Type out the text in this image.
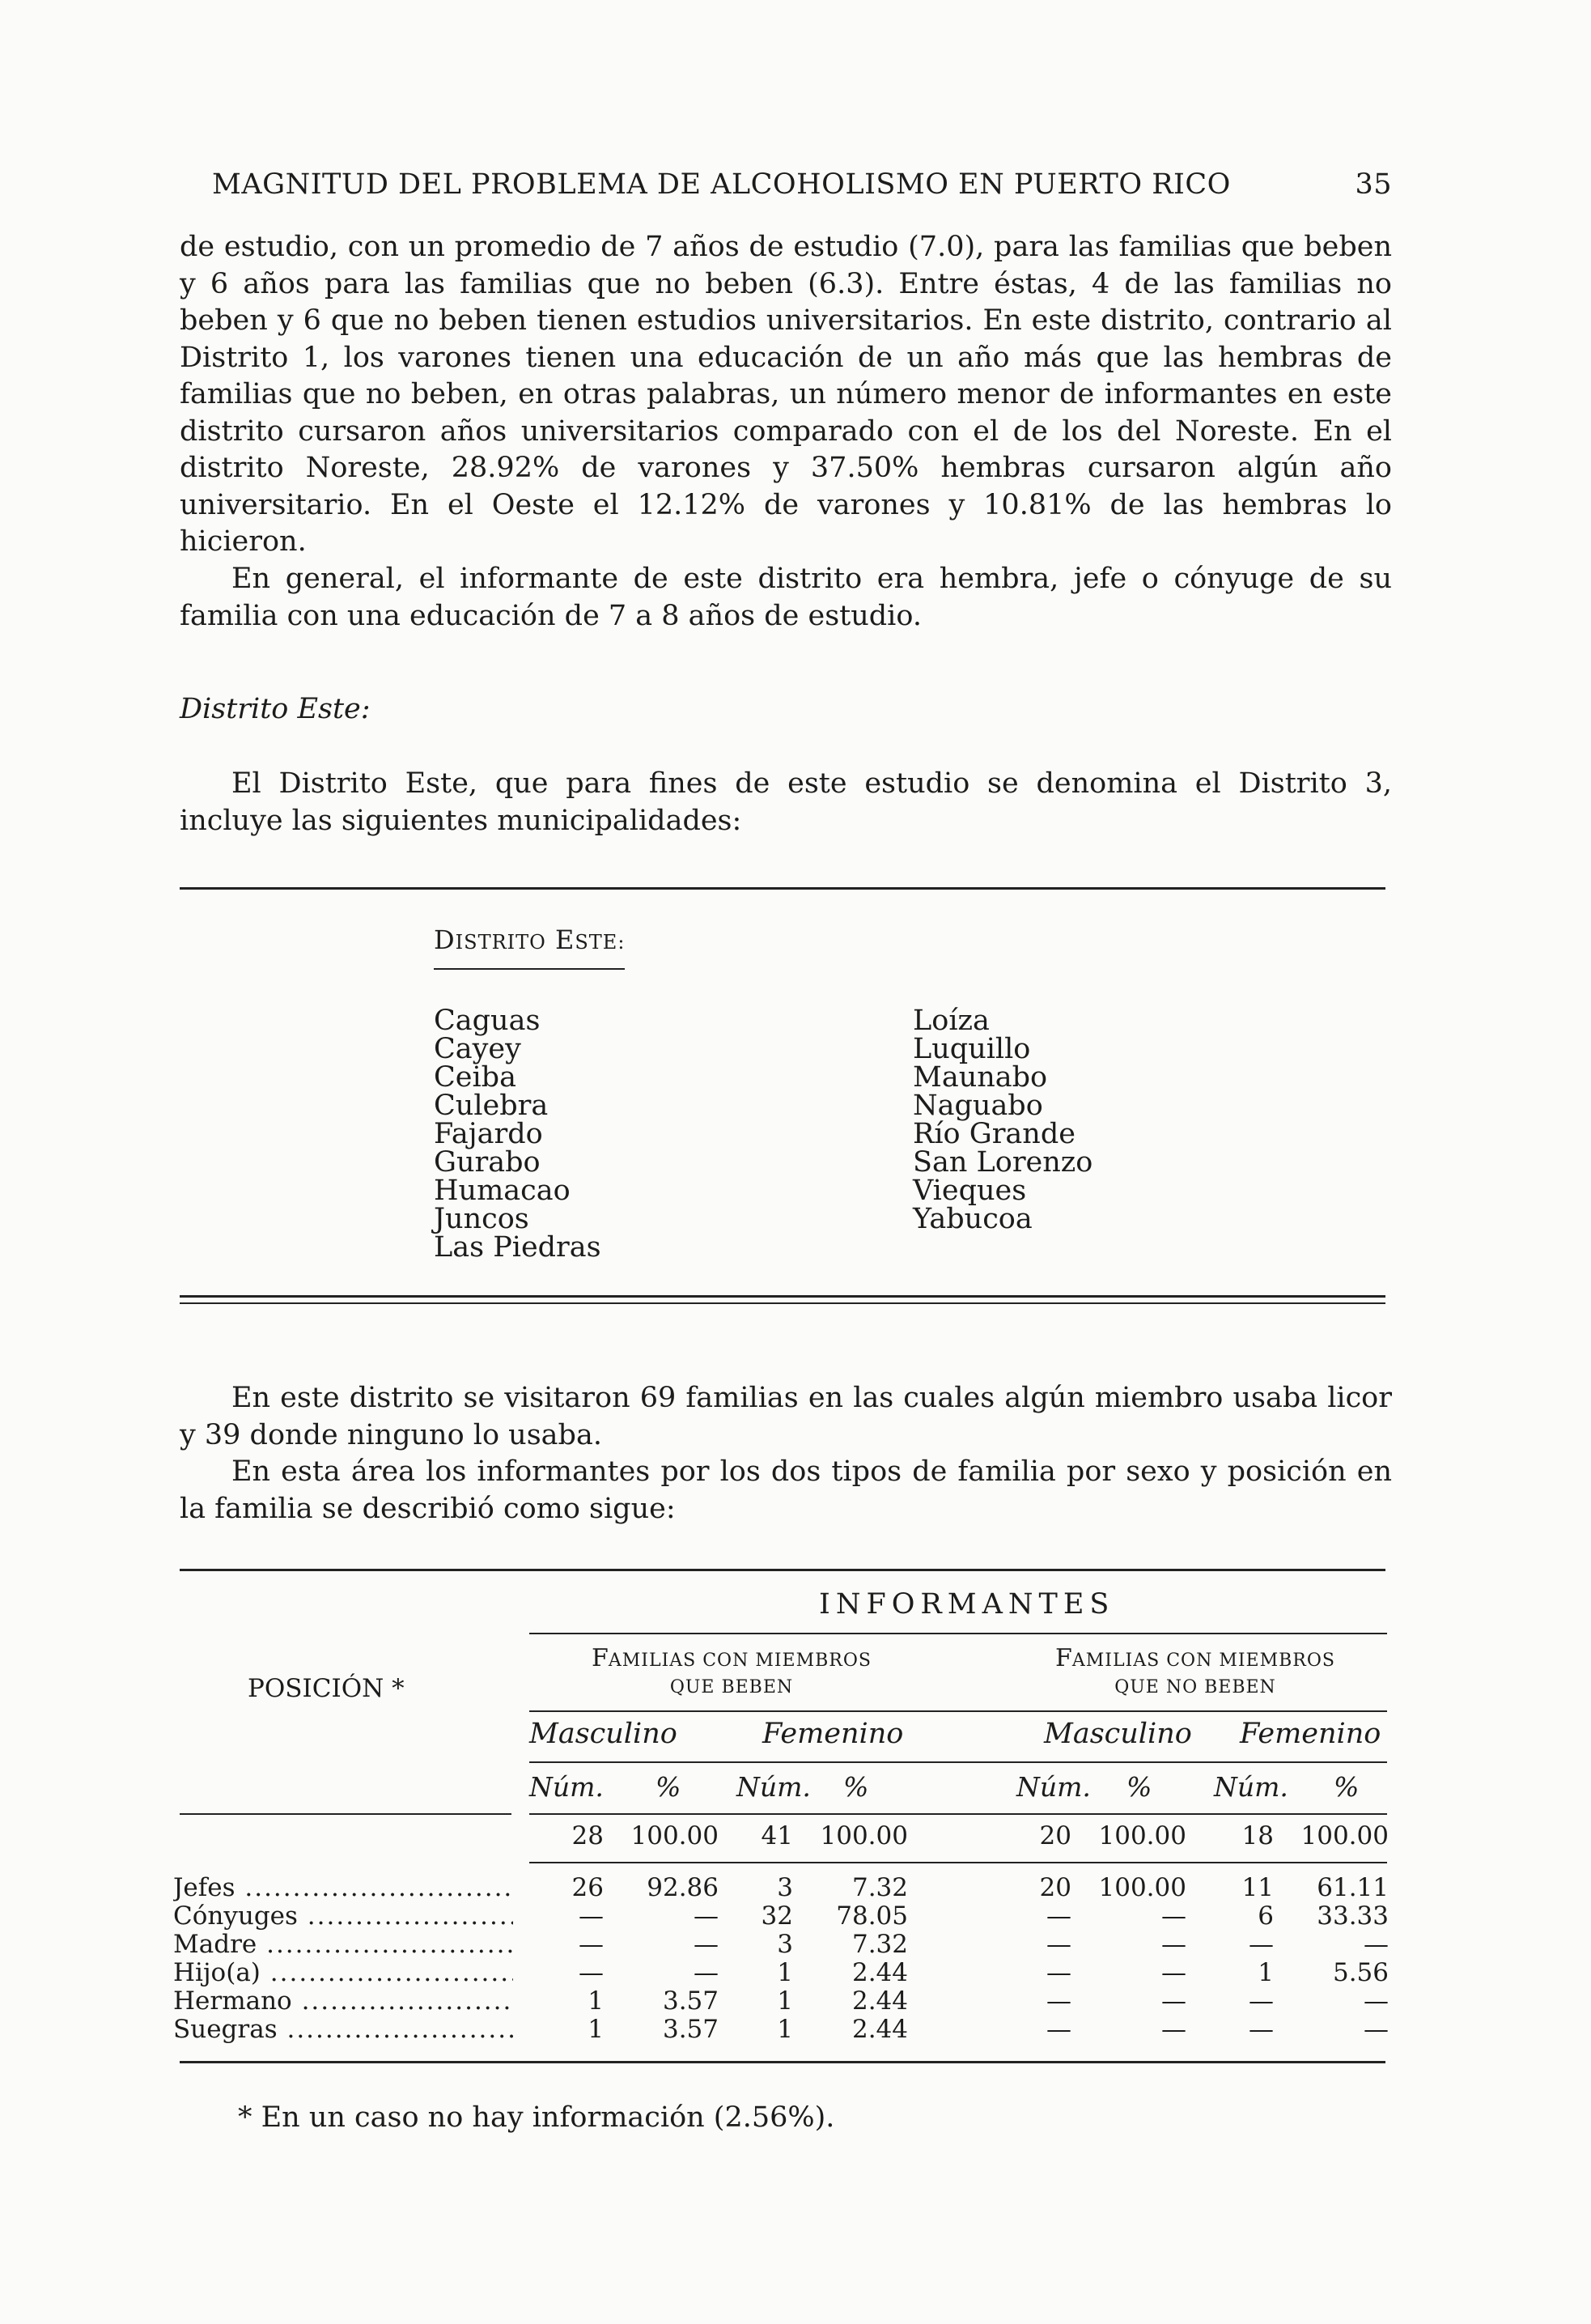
MAGNITUD DEL PROBLEMA DE ALCOHOLISMO EN PUERTO RICO	35

de estudio, con un promedio de 7 años de estudio (7.0), para las familias que beben y 6 años para las familias que no beben (6.3). Entre éstas, 4 de las familias no beben y 6 que no beben tienen estudios universitarios. En este distrito, contrario al Distrito 1, los varones tienen una educación de un año más que las hembras de familias que no beben, en otras palabras, un número menor de informantes en este distrito cursaron años universitarios comparado con el de los del Noreste. En el distrito Noreste, 28.92% de varones y 37.50% hembras cursaron algún año universitario. En el Oeste el 12.12% de varones y 10.81% de las hembras lo hicieron.

En general, el informante de este distrito era hembra, jefe o cónyuge de su familia con una educación de 7 a 8 años de estudio.

Distrito Este:

El Distrito Este, que para fines de este estudio se denomina el Distrito 3, incluye las siguientes municipalidades:

DISTRITO ESTE:
Caguas
Cayey
Ceiba
Culebra
Fajardo
Gurabo
Humacao
Juncos
Las Piedras
Loíza
Luquillo
Maunabo
Naguabo
Río Grande
San Lorenzo
Vieques
Yabucoa

En este distrito se visitaron 69 familias en las cuales algún miembro usaba licor y 39 donde ninguno lo usaba.

En esta área los informantes por los dos tipos de familia por sexo y posición en la familia se describió como sigue:

INFORMANTES
POSICIÓN *
FAMILIAS CON MIEMBROS
QUE BEBEN
FAMILIAS CON MIEMBROS
QUE NO BEBEN
Masculino	Femenino	Masculino Femenino
Núm. % Núm. %	Núm. % Núm. %
28	100.00	41	100.00	20	100.00	18	100.00
Jefes .....	26	92.86	3	7.32	20	100.00	11	61.11
Cónyuges .....	—	—	32	78.05	—	—	6	33.33
Madre .....	—	—	3	7.32	—	—	—	—
Hijo(a) .....	—	—	1	2.44	—	—	1	5.56
Hermano .....	1	3.57	1	2.44	—	—	—	—
Suegras .....	1	3.57	1	2.44	—	—	—	—
* En un caso no hay información (2.56%).
